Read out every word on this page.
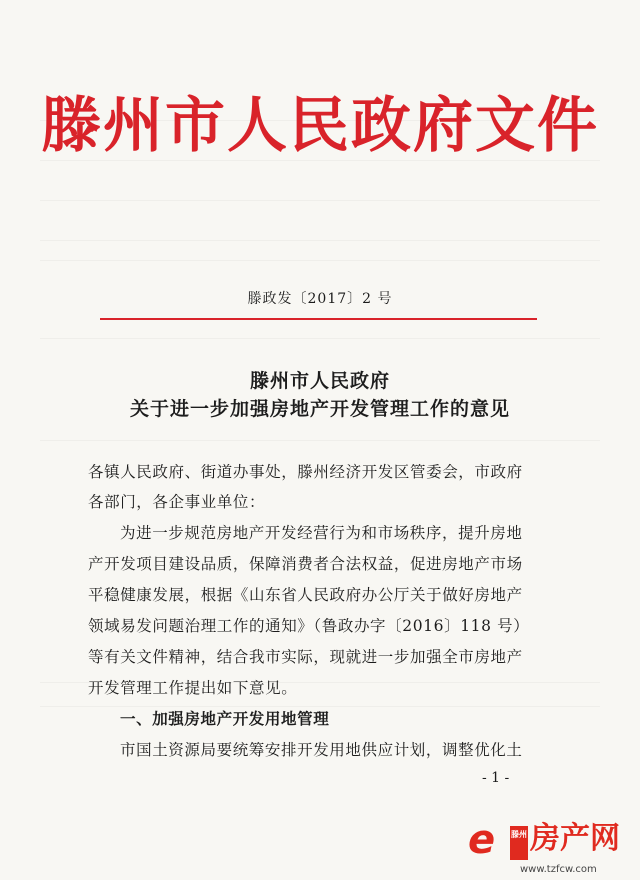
滕州市人民政府文件
滕政发〔2017〕2 号
滕州市人民政府
关于进一步加强房地产开发管理工作的意见
各镇人民政府、街道办事处，滕州经济开发区管委会，市政府
各部门，各企事业单位：
为进一步规范房地产开发经营行为和市场秩序，提升房地
产开发项目建设品质，保障消费者合法权益，促进房地产市场
平稳健康发展，根据《山东省人民政府办公厅关于做好房地产
领域易发问题治理工作的通知》（鲁政办字〔2016〕118 号）
等有关文件精神，结合我市实际，现就进一步加强全市房地产
开发管理工作提出如下意见。
一、加强房地产开发用地管理
市国土资源局要统筹安排开发用地供应计划，调整优化土
- 1 -
e 滕州 房产网
www.tzfcw.com
